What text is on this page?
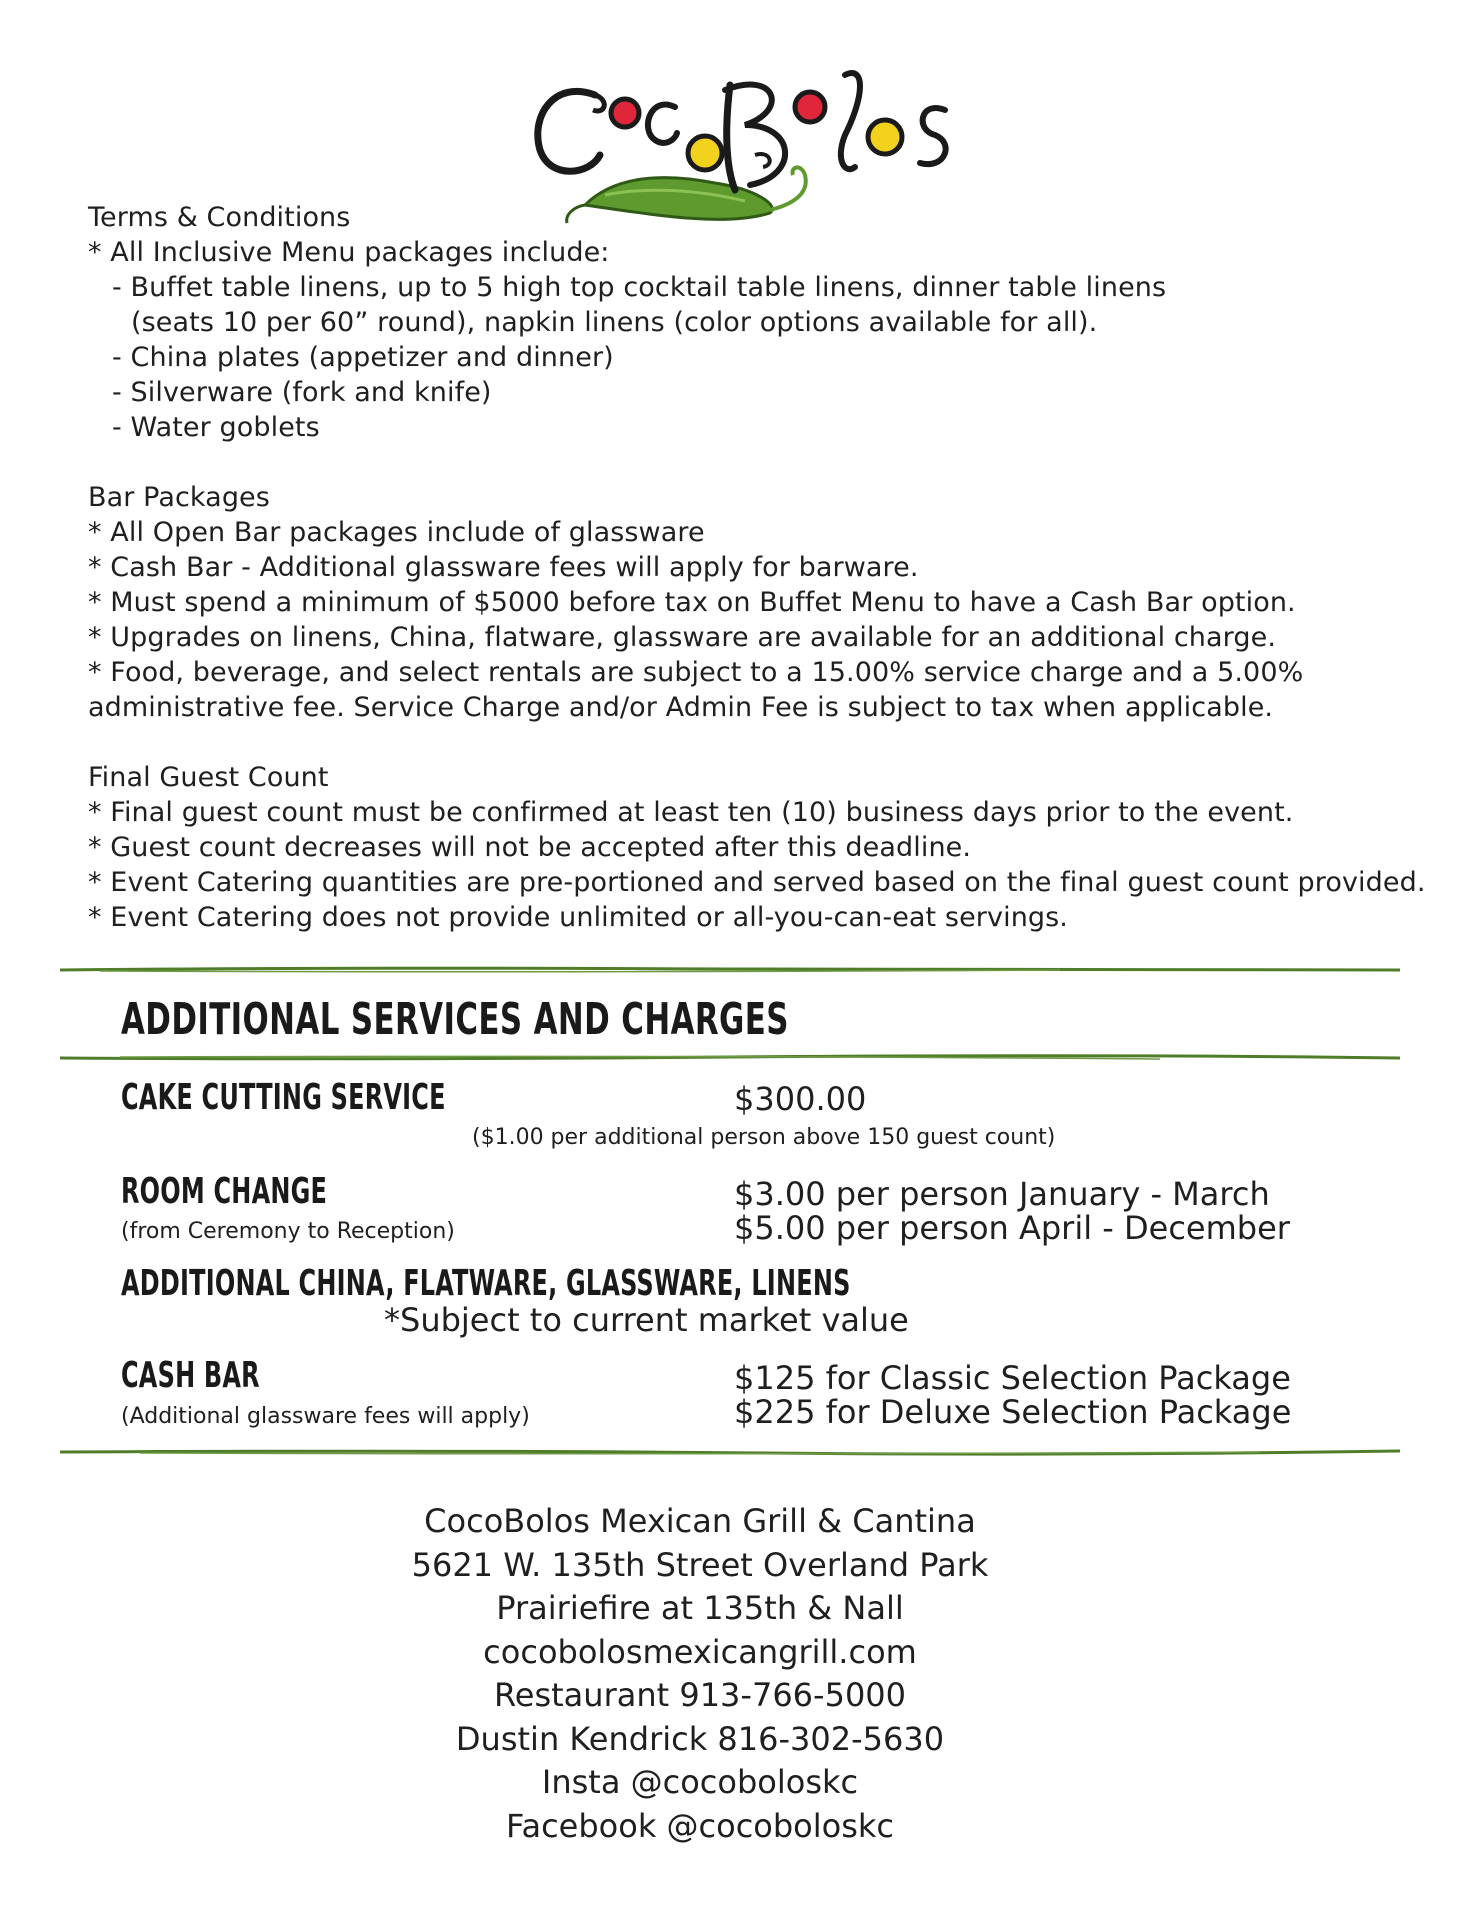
Terms & Conditions

* All Inclusive Menu packages include:

- Buffet table linens, up to 5 high top cocktail table linens, dinner table linens

(seats 10 per 60” round), napkin linens (color options available for all).

- China plates (appetizer and dinner)

- Silverware (fork and knife)

- Water goblets

Bar Packages

* All Open Bar packages include of glassware

* Cash Bar - Additional glassware fees will apply for barware.

* Must spend a minimum of $5000 before tax on Buffet Menu to have a Cash Bar option.

* Upgrades on linens, China, flatware, glassware are available for an additional charge.

* Food, beverage, and select rentals are subject to a 15.00% service charge and a 5.00%

administrative fee. Service Charge and/or Admin Fee is subject to tax when applicable.

Final Guest Count

* Final guest count must be confirmed at least ten (10) business days prior to the event.

* Guest count decreases will not be accepted after this deadline.

* Event Catering quantities are pre-portioned and served based on the final guest count provided.

* Event Catering does not provide unlimited or all-you-can-eat servings.

ADDITIONAL SERVICES AND CHARGES
CAKE CUTTING SERVICE	$300.00
($1.00 per additional person above 150 guest count)
ROOM CHANGE
(from Ceremony to Reception)
$3.00 per person January - March
$5.00 per person April - December
ADDITIONAL CHINA, FLATWARE, GLASSWARE, LINENS
*Subject to current market value
CASH BAR
(Additional glassware fees will apply)
$125 for Classic Selection Package
$225 for Deluxe Selection Package

CocoBolos Mexican Grill & Cantina

5621 W. 135th Street Overland Park

Prairiefire at 135th & Nall

cocobolosmexicangrill.com

Restaurant 913-766-5000

Dustin Kendrick 816-302-5630

Insta @cocoboloskc

Facebook @cocoboloskc
